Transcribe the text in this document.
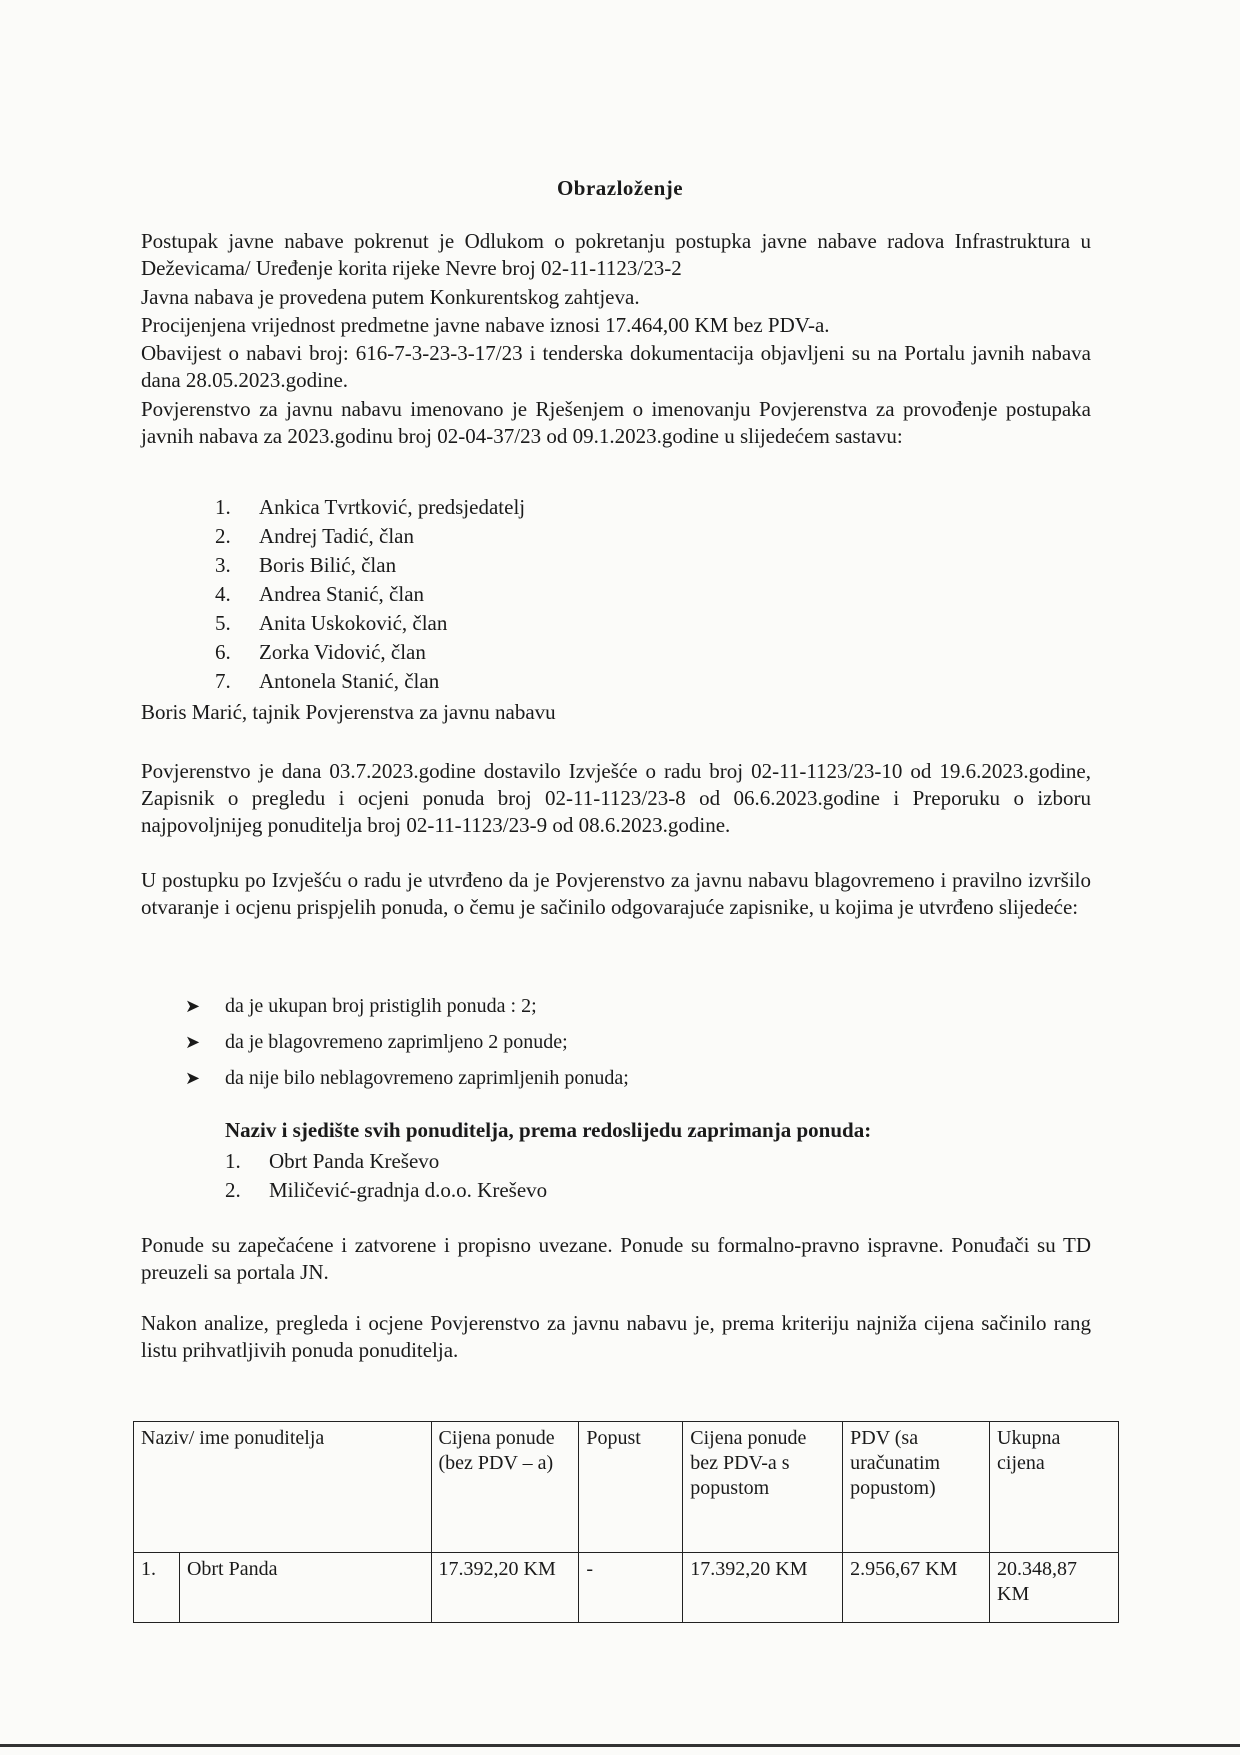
Obrazloženje
Postupak javne nabave pokrenut je Odlukom o pokretanju postupka javne nabave radova Infrastruktura u Deževicama/ Uređenje korita rijeke Nevre broj 02-11-1123/23-2
Javna nabava je provedena putem Konkurentskog zahtjeva.
Procijenjena vrijednost predmetne javne nabave iznosi 17.464,00 KM bez PDV-a.
Obavijest o nabavi broj: 616-7-3-23-3-17/23 i tenderska dokumentacija objavljeni su na Portalu javnih nabava dana 28.05.2023.godine.
Povjerenstvo za javnu nabavu imenovano je Rješenjem o imenovanju Povjerenstva za provođenje postupaka javnih nabava za 2023.godinu broj 02-04-37/23 od 09.1.2023.godine u slijedećem sastavu:
1. Ankica Tvrtković, predsjedatelj
2. Andrej Tadić, član
3. Boris Bilić, član
4. Andrea Stanić, član
5. Anita Uskoković, član
6. Zorka Vidović, član
7. Antonela Stanić, član
Boris Marić, tajnik Povjerenstva za javnu nabavu
Povjerenstvo je dana 03.7.2023.godine dostavilo Izvješće o radu broj 02-11-1123/23-10 od 19.6.2023.godine, Zapisnik o pregledu i ocjeni ponuda broj 02-11-1123/23-8 od 06.6.2023.godine i Preporuku o izboru najpovoljnijeg ponuditelja broj 02-11-1123/23-9 od 08.6.2023.godine.
U postupku po Izvješću o radu je utvrđeno da je Povjerenstvo za javnu nabavu blagovremeno i pravilno izvršilo otvaranje i ocjenu prispjelih ponuda, o čemu je sačinilo odgovarajuće zapisnike, u kojima je utvrđeno slijedeće:
➤ da je ukupan broj pristiglih ponuda : 2;
➤ da je blagovremeno zaprimljeno 2 ponude;
➤ da nije bilo neblagovremeno zaprimljenih ponuda;
Naziv i sjedište svih ponuditelja, prema redoslijedu zaprimanja ponuda:
1. Obrt Panda Kreševo
2. Miličević-gradnja d.o.o. Kreševo
Ponude su zapečaćene i zatvorene i propisno uvezane. Ponude su formalno-pravno ispravne. Ponuđači su TD preuzeli sa portala JN.
Nakon analize, pregleda i ocjene Povjerenstvo za javnu nabavu je, prema kriteriju najniža cijena sačinilo rang listu prihvatljivih ponuda ponuditelja.
Naziv/ ime ponuditelja		Cijena ponude (bez PDV – a)	Popust	Cijena ponude bez PDV-a s popustom	PDV (sa uračunatim popustom)	Ukupna cijena
1.	Obrt Panda	17.392,20 KM	-	17.392,20 KM	2.956,67 KM	20.348,87 KM
